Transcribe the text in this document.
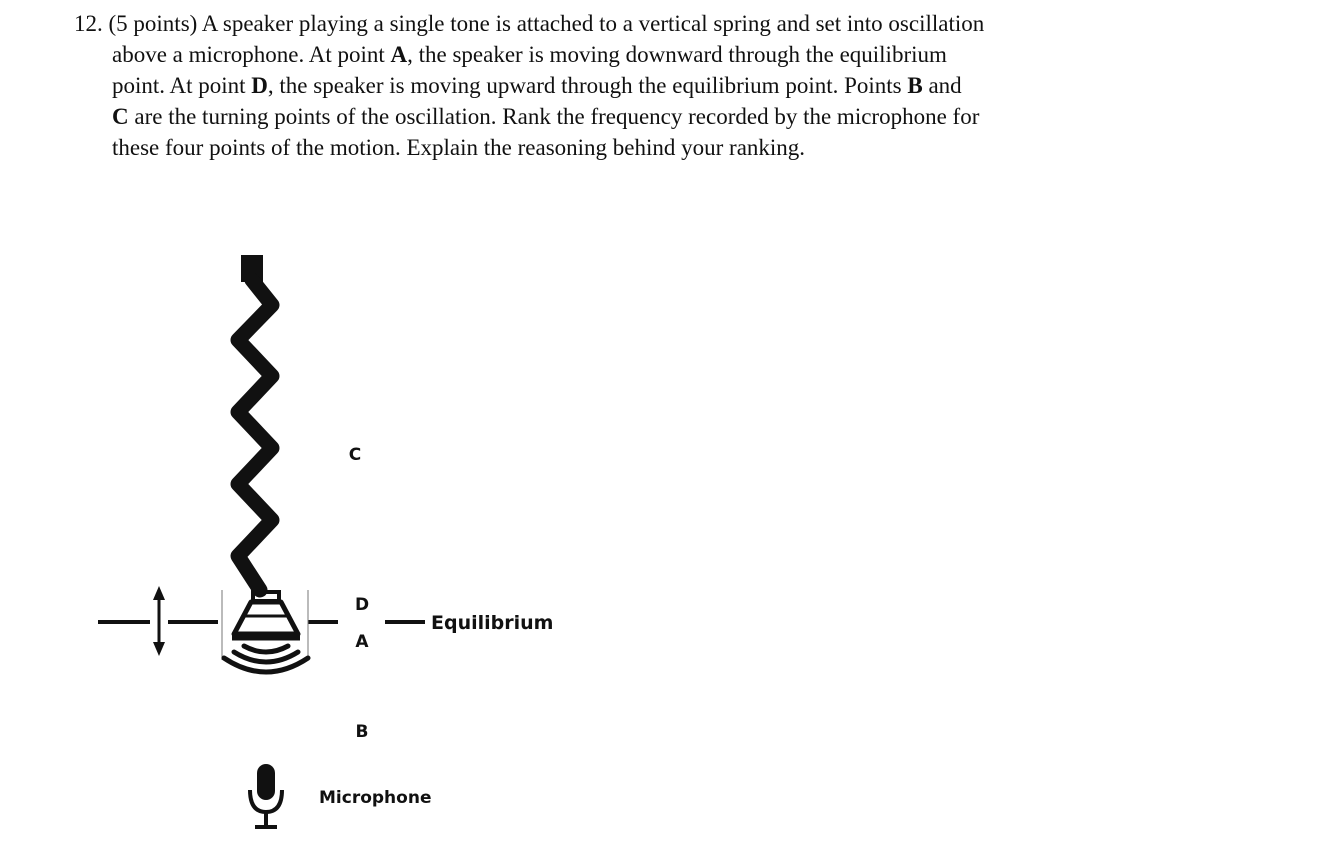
12. (5 points) A speaker playing a single tone is attached to a vertical spring and set into oscillation
above a microphone. At point A, the speaker is moving downward through the equilibrium
point. At point D, the speaker is moving upward through the equilibrium point. Points B and
C are the turning points of the oscillation. Rank the frequency recorded by the microphone for
these four points of the motion. Explain the reasoning behind your ranking.
C
D
A
B
Equilibrium
Microphone
